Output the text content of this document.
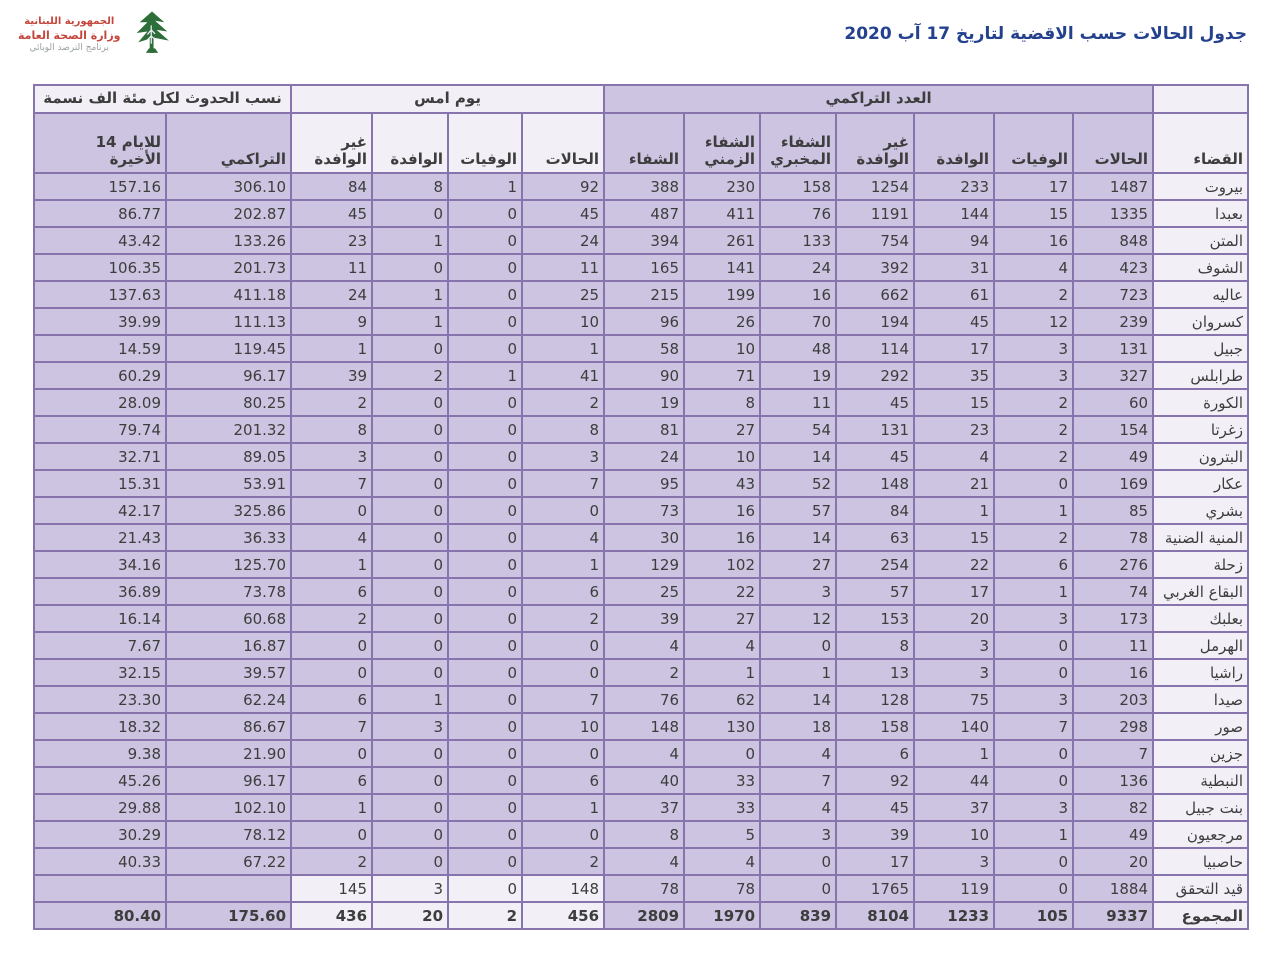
الجمهورية اللبنانية
وزارة الصحة العامة
برنامج الترصد الوبائي
جدول الحالات حسب الاقضية لتاريخ 17 آب 2020
	العدد التراكمي							يوم امس				نسب الحدوث لكل مئة الف نسمة	
القضاء	الحالات	الوفيات	الوافدة	غير الوافدة	الشفاء المخبري	الشفاء الزمني	الشفاء	الحالات	الوفيات	الوافدة	غير الوافدة	التراكمي	للايام 14 الأخيرة
بيروت	1487	17	233	1254	158	230	388	92	1	8	84	306.10	157.16
بعبدا	1335	15	144	1191	76	411	487	45	0	0	45	202.87	86.77
المتن	848	16	94	754	133	261	394	24	0	1	23	133.26	43.42
الشوف	423	4	31	392	24	141	165	11	0	0	11	201.73	106.35
عاليه	723	2	61	662	16	199	215	25	0	1	24	411.18	137.63
كسروان	239	12	45	194	70	26	96	10	0	1	9	111.13	39.99
جبيل	131	3	17	114	48	10	58	1	0	0	1	119.45	14.59
طرابلس	327	3	35	292	19	71	90	41	1	2	39	96.17	60.29
الكورة	60	2	15	45	11	8	19	2	0	0	2	80.25	28.09
زغرتا	154	2	23	131	54	27	81	8	0	0	8	201.32	79.74
البترون	49	2	4	45	14	10	24	3	0	0	3	89.05	32.71
عكار	169	0	21	148	52	43	95	7	0	0	7	53.91	15.31
بشري	85	1	1	84	57	16	73	0	0	0	0	325.86	42.17
المنية الضنية	78	2	15	63	14	16	30	4	0	0	4	36.33	21.43
زحلة	276	6	22	254	27	102	129	1	0	0	1	125.70	34.16
البقاع الغربي	74	1	17	57	3	22	25	6	0	0	6	73.78	36.89
بعلبك	173	3	20	153	12	27	39	2	0	0	2	60.68	16.14
الهرمل	11	0	3	8	0	4	4	0	0	0	0	16.87	7.67
راشيا	16	0	3	13	1	1	2	0	0	0	0	39.57	32.15
صيدا	203	3	75	128	14	62	76	7	0	1	6	62.24	23.30
صور	298	7	140	158	18	130	148	10	0	3	7	86.67	18.32
جزين	7	0	1	6	4	0	4	0	0	0	0	21.90	9.38
النبطية	136	0	44	92	7	33	40	6	0	0	6	96.17	45.26
بنت جبيل	82	3	37	45	4	33	37	1	0	0	1	102.10	29.88
مرجعيون	49	1	10	39	3	5	8	0	0	0	0	78.12	30.29
حاصبيا	20	0	3	17	0	4	4	2	0	0	2	67.22	40.33
قيد التحقق	1884	0	119	1765	0	78	78	148	0	3	145		
المجموع	9337	105	1233	8104	839	1970	2809	456	2	20	436	175.60	80.40
